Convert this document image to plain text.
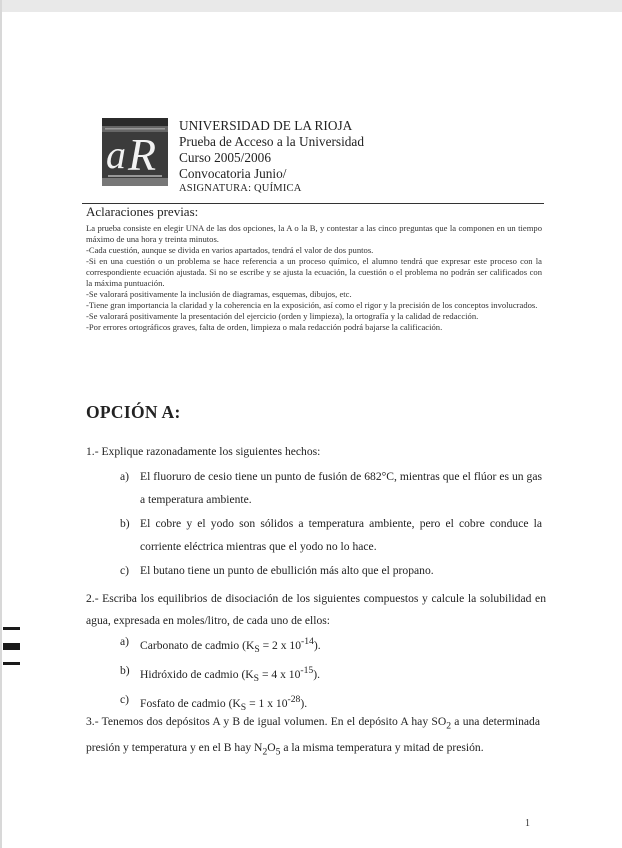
a R
UNIVERSIDAD DE LA RIOJA
Prueba de Acceso a la Universidad
Curso 2005/2006
Convocatoria Junio/
ASIGNATURA: QUÍMICA
Aclaraciones previas:

La prueba consiste en elegir UNA de las dos opciones, la A o la B, y contestar a las cinco preguntas que la componen en un tiempo máximo de una hora y treinta minutos.

-Cada cuestión, aunque se divida en varios apartados, tendrá el valor de dos puntos.

-Si en una cuestión o un problema se hace referencia a un proceso químico, el alumno tendrá que expresar este proceso con la correspondiente ecuación ajustada. Si no se escribe y se ajusta la ecuación, la cuestión o el problema no podrán ser calificados con la máxima puntuación.

-Se valorará positivamente la inclusión de diagramas, esquemas, dibujos, etc.

-Tiene gran importancia la claridad y la coherencia en la exposición, así como el rigor y la precisión de los conceptos involucrados.

-Se valorará positivamente la presentación del ejercicio (orden y limpieza), la ortografía y la calidad de redacción.

-Por errores ortográficos graves, falta de orden, limpieza o mala redacción podrá bajarse la calificación.

OPCIÓN A:
1.- Explique razonadamente los siguientes hechos:
a) El fluoruro de cesio tiene un punto de fusión de 682°C, mientras que el flúor es un gas a temperatura ambiente.
b) El cobre y el yodo son sólidos a temperatura ambiente, pero el cobre conduce la corriente eléctrica mientras que el yodo no lo hace.
c) El butano tiene un punto de ebullición más alto que el propano.

2.- Escriba los equilibrios de disociación de los siguientes compuestos y calcule la solubilidad en agua, expresada en moles/litro, de cada uno de ellos:

a) Carbonato de cadmio ($K_S = 2$ x $10^{-14}$).
b) Hidróxido de cadmio ($K_S = 4$ x $10^{-15}$).
c) Fosfato de cadmio ($K_S = 1$ x $10^{-28}$).

3.- Tenemos dos depósitos A y B de igual volumen. En el depósito A hay $SO_2$ a una determinada presión y temperatura y en el B hay $N_2O_5$ a la misma temperatura y mitad de presión.

1
